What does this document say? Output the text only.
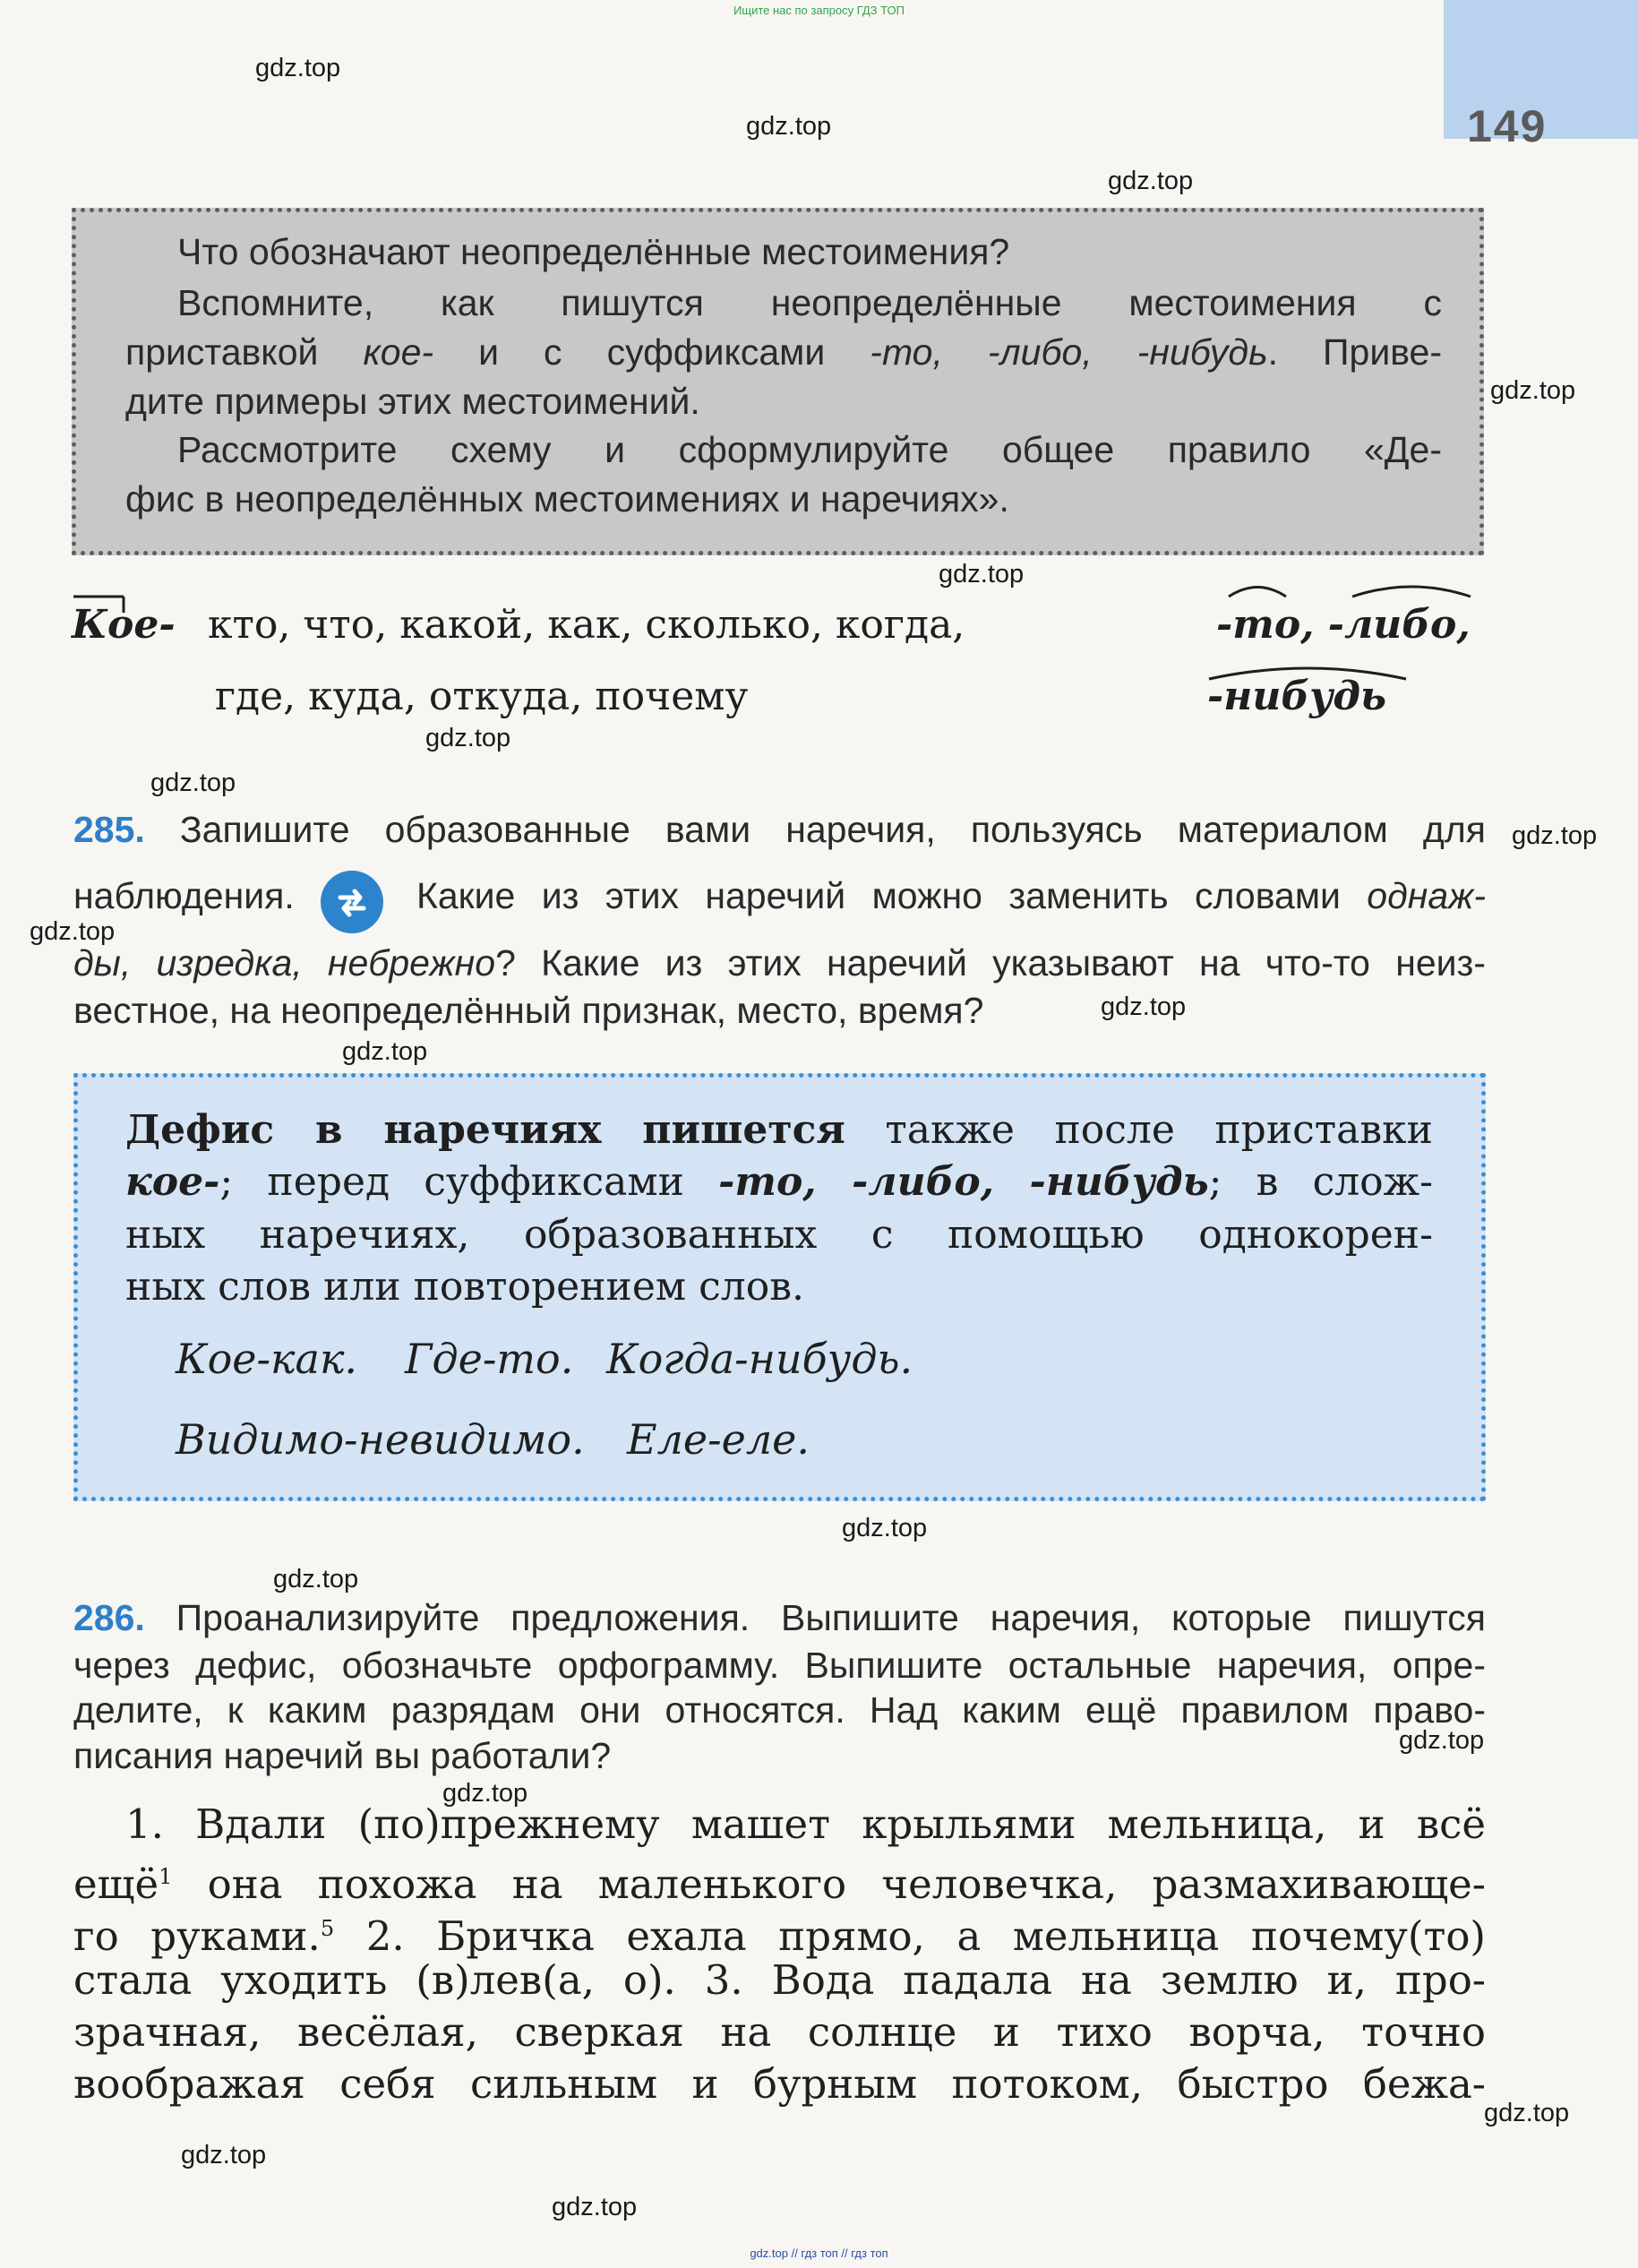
Ищите нас по запросу ГДЗ ТОП
149
gdz.top
gdz.top
gdz.top
gdz.top
gdz.top
gdz.top
gdz.top
gdz.top
gdz.top
gdz.top
gdz.top
gdz.top
gdz.top
gdz.top
gdz.top
gdz.top
gdz.top
gdz.top
Что обозначают неопределённые местоимения?
Вспомните, как пишутся неопределённые местоимения с
приставкой кое- и с суффиксами -то, -либо, -нибудь. Приве-
дите примеры этих местоимений.
Рассмотрите схему и сформулируйте общее правило «Де-
фис в неопределённых местоимениях и наречиях».
Кое- кто, что, какой, как, сколько, когда,
где, куда, откуда, почему
-то, -либо,
-нибудь
285. Запишите образованные вами наречия, пользуясь материалом для
наблюдения.	Какие из этих наречий можно заменить словами однаж-
ды, изредка, небрежно? Какие из этих наречий указывают на что-то неиз-
вестное, на неопределённый признак, место, время?
Дефис в наречиях пишется также после приставки
кое-; перед суффиксами -то, -либо, -нибудь; в слож-
ных наречиях, образованных с помощью однокорен-
ных слов или повторением слов.
Кое-как. Где-то. Когда-нибудь.
Видимо-невидимо. Еле-еле.
286. Проанализируйте предложения. Выпишите наречия, которые пишутся
через дефис, обозначьте орфограмму. Выпишите остальные наречия, опре-
делите, к каким разрядам они относятся. Над каким ещё правилом право-
писания наречий вы работали?
1. Вдали (по)прежнему машет крыльями мельница, и всё
ещё$^1$ она похожа на маленького человечка, размахивающе-
го руками.$^5$ 2. Бричка ехала прямо, а мельница почему(то)
стала уходить (в)лев(а, о). 3. Вода падала на землю и, про-
зрачная, весёлая, сверкая на солнце и тихо ворча, точно
воображая себя сильным и бурным потоком, быстро бежа-
gdz.top // гдз топ // гдз топ
